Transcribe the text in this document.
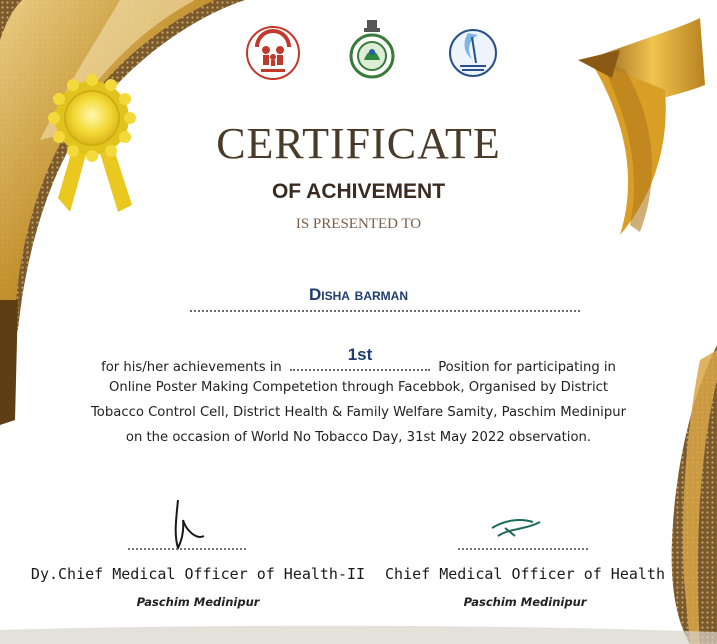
CERTIFICATE
OF ACHIVEMENT
IS PRESENTED TO
Disha barman
for his/her achievements in
1st
Position for participating in
Online Poster Making Competetion through Facebbok, Organised by District
Tobacco Control Cell, District Health & Family Welfare Samity, Paschim Medinipur
on the occasion of World No Tobacco Day, 31st May 2022 observation.
Dy.Chief Medical Officer of Health-II
Paschim Medinipur
Chief Medical Officer of Health
Paschim Medinipur
